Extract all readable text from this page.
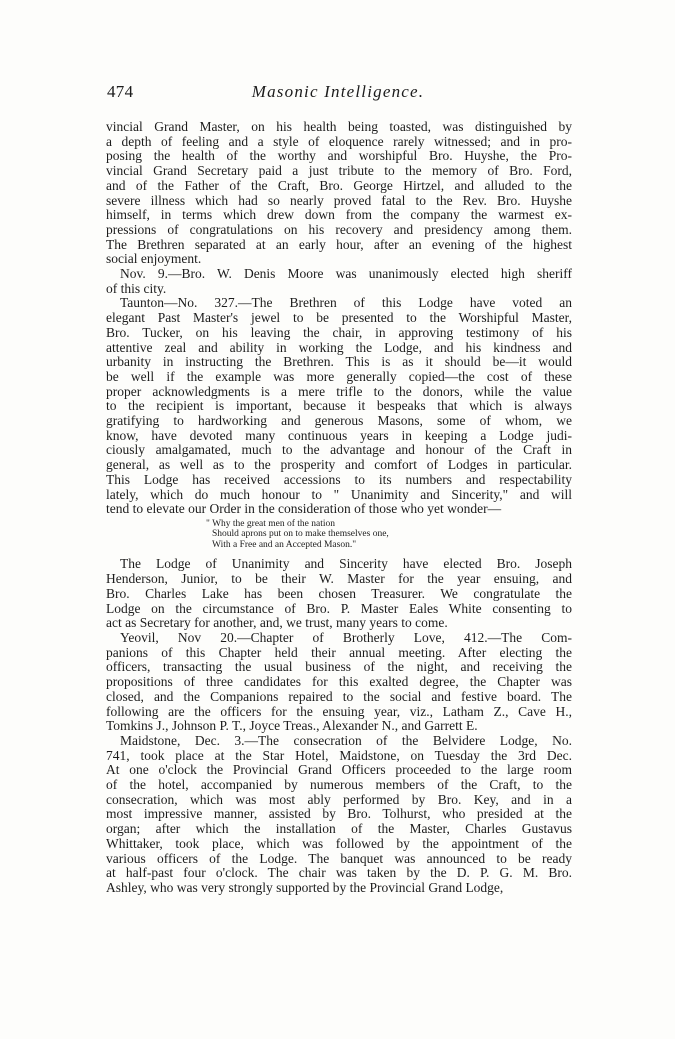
474	Masonic Intelligence.
vincial Grand Master, on his health being toasted, was distinguished by
a depth of feeling and a style of eloquence rarely witnessed; and in pro-
posing the health of the worthy and worshipful Bro. Huyshe, the Pro-
vincial Grand Secretary paid a just tribute to the memory of Bro. Ford,
and of the Father of the Craft, Bro. George Hirtzel, and alluded to the
severe illness which had so nearly proved fatal to the Rev. Bro. Huyshe
himself, in terms which drew down from the company the warmest ex-
pressions of congratulations on his recovery and presidency among them.
The Brethren separated at an early hour, after an evening of the highest
social enjoyment.
Nov. 9.—Bro. W. Denis Moore was unanimously elected high sheriff
of this city.
Taunton—No. 327.—The Brethren of this Lodge have voted an
elegant Past Master's jewel to be presented to the Worshipful Master,
Bro. Tucker, on his leaving the chair, in approving testimony of his
attentive zeal and ability in working the Lodge, and his kindness and
urbanity in instructing the Brethren. This is as it should be—it would
be well if the example was more generally copied—the cost of these
proper acknowledgments is a mere trifle to the donors, while the value
to the recipient is important, because it bespeaks that which is always
gratifying to hardworking and generous Masons, some of whom, we
know, have devoted many continuous years in keeping a Lodge judi-
ciously amalgamated, much to the advantage and honour of the Craft in
general, as well as to the prosperity and comfort of Lodges in particular.
This Lodge has received accessions to its numbers and respectability
lately, which do much honour to " Unanimity and Sincerity," and will
tend to elevate our Order in the consideration of those who yet wonder—
" Why the great men of the nation
Should aprons put on to make themselves one,
With a Free and an Accepted Mason."
The Lodge of Unanimity and Sincerity have elected Bro. Joseph
Henderson, Junior, to be their W. Master for the year ensuing, and
Bro. Charles Lake has been chosen Treasurer. We congratulate the
Lodge on the circumstance of Bro. P. Master Eales White consenting to
act as Secretary for another, and, we trust, many years to come.
Yeovil, Nov 20.—Chapter of Brotherly Love, 412.—The Com-
panions of this Chapter held their annual meeting. After electing the
officers, transacting the usual business of the night, and receiving the
propositions of three candidates for this exalted degree, the Chapter was
closed, and the Companions repaired to the social and festive board. The
following are the officers for the ensuing year, viz., Latham Z., Cave H.,
Tomkins J., Johnson P. T., Joyce Treas., Alexander N., and Garrett E.
Maidstone, Dec. 3.—The consecration of the Belvidere Lodge, No.
741, took place at the Star Hotel, Maidstone, on Tuesday the 3rd Dec.
At one o'clock the Provincial Grand Officers proceeded to the large room
of the hotel, accompanied by numerous members of the Craft, to the
consecration, which was most ably performed by Bro. Key, and in a
most impressive manner, assisted by Bro. Tolhurst, who presided at the
organ; after which the installation of the Master, Charles Gustavus
Whittaker, took place, which was followed by the appointment of the
various officers of the Lodge. The banquet was announced to be ready
at half-past four o'clock. The chair was taken by the D. P. G. M. Bro.
Ashley, who was very strongly supported by the Provincial Grand Lodge,
